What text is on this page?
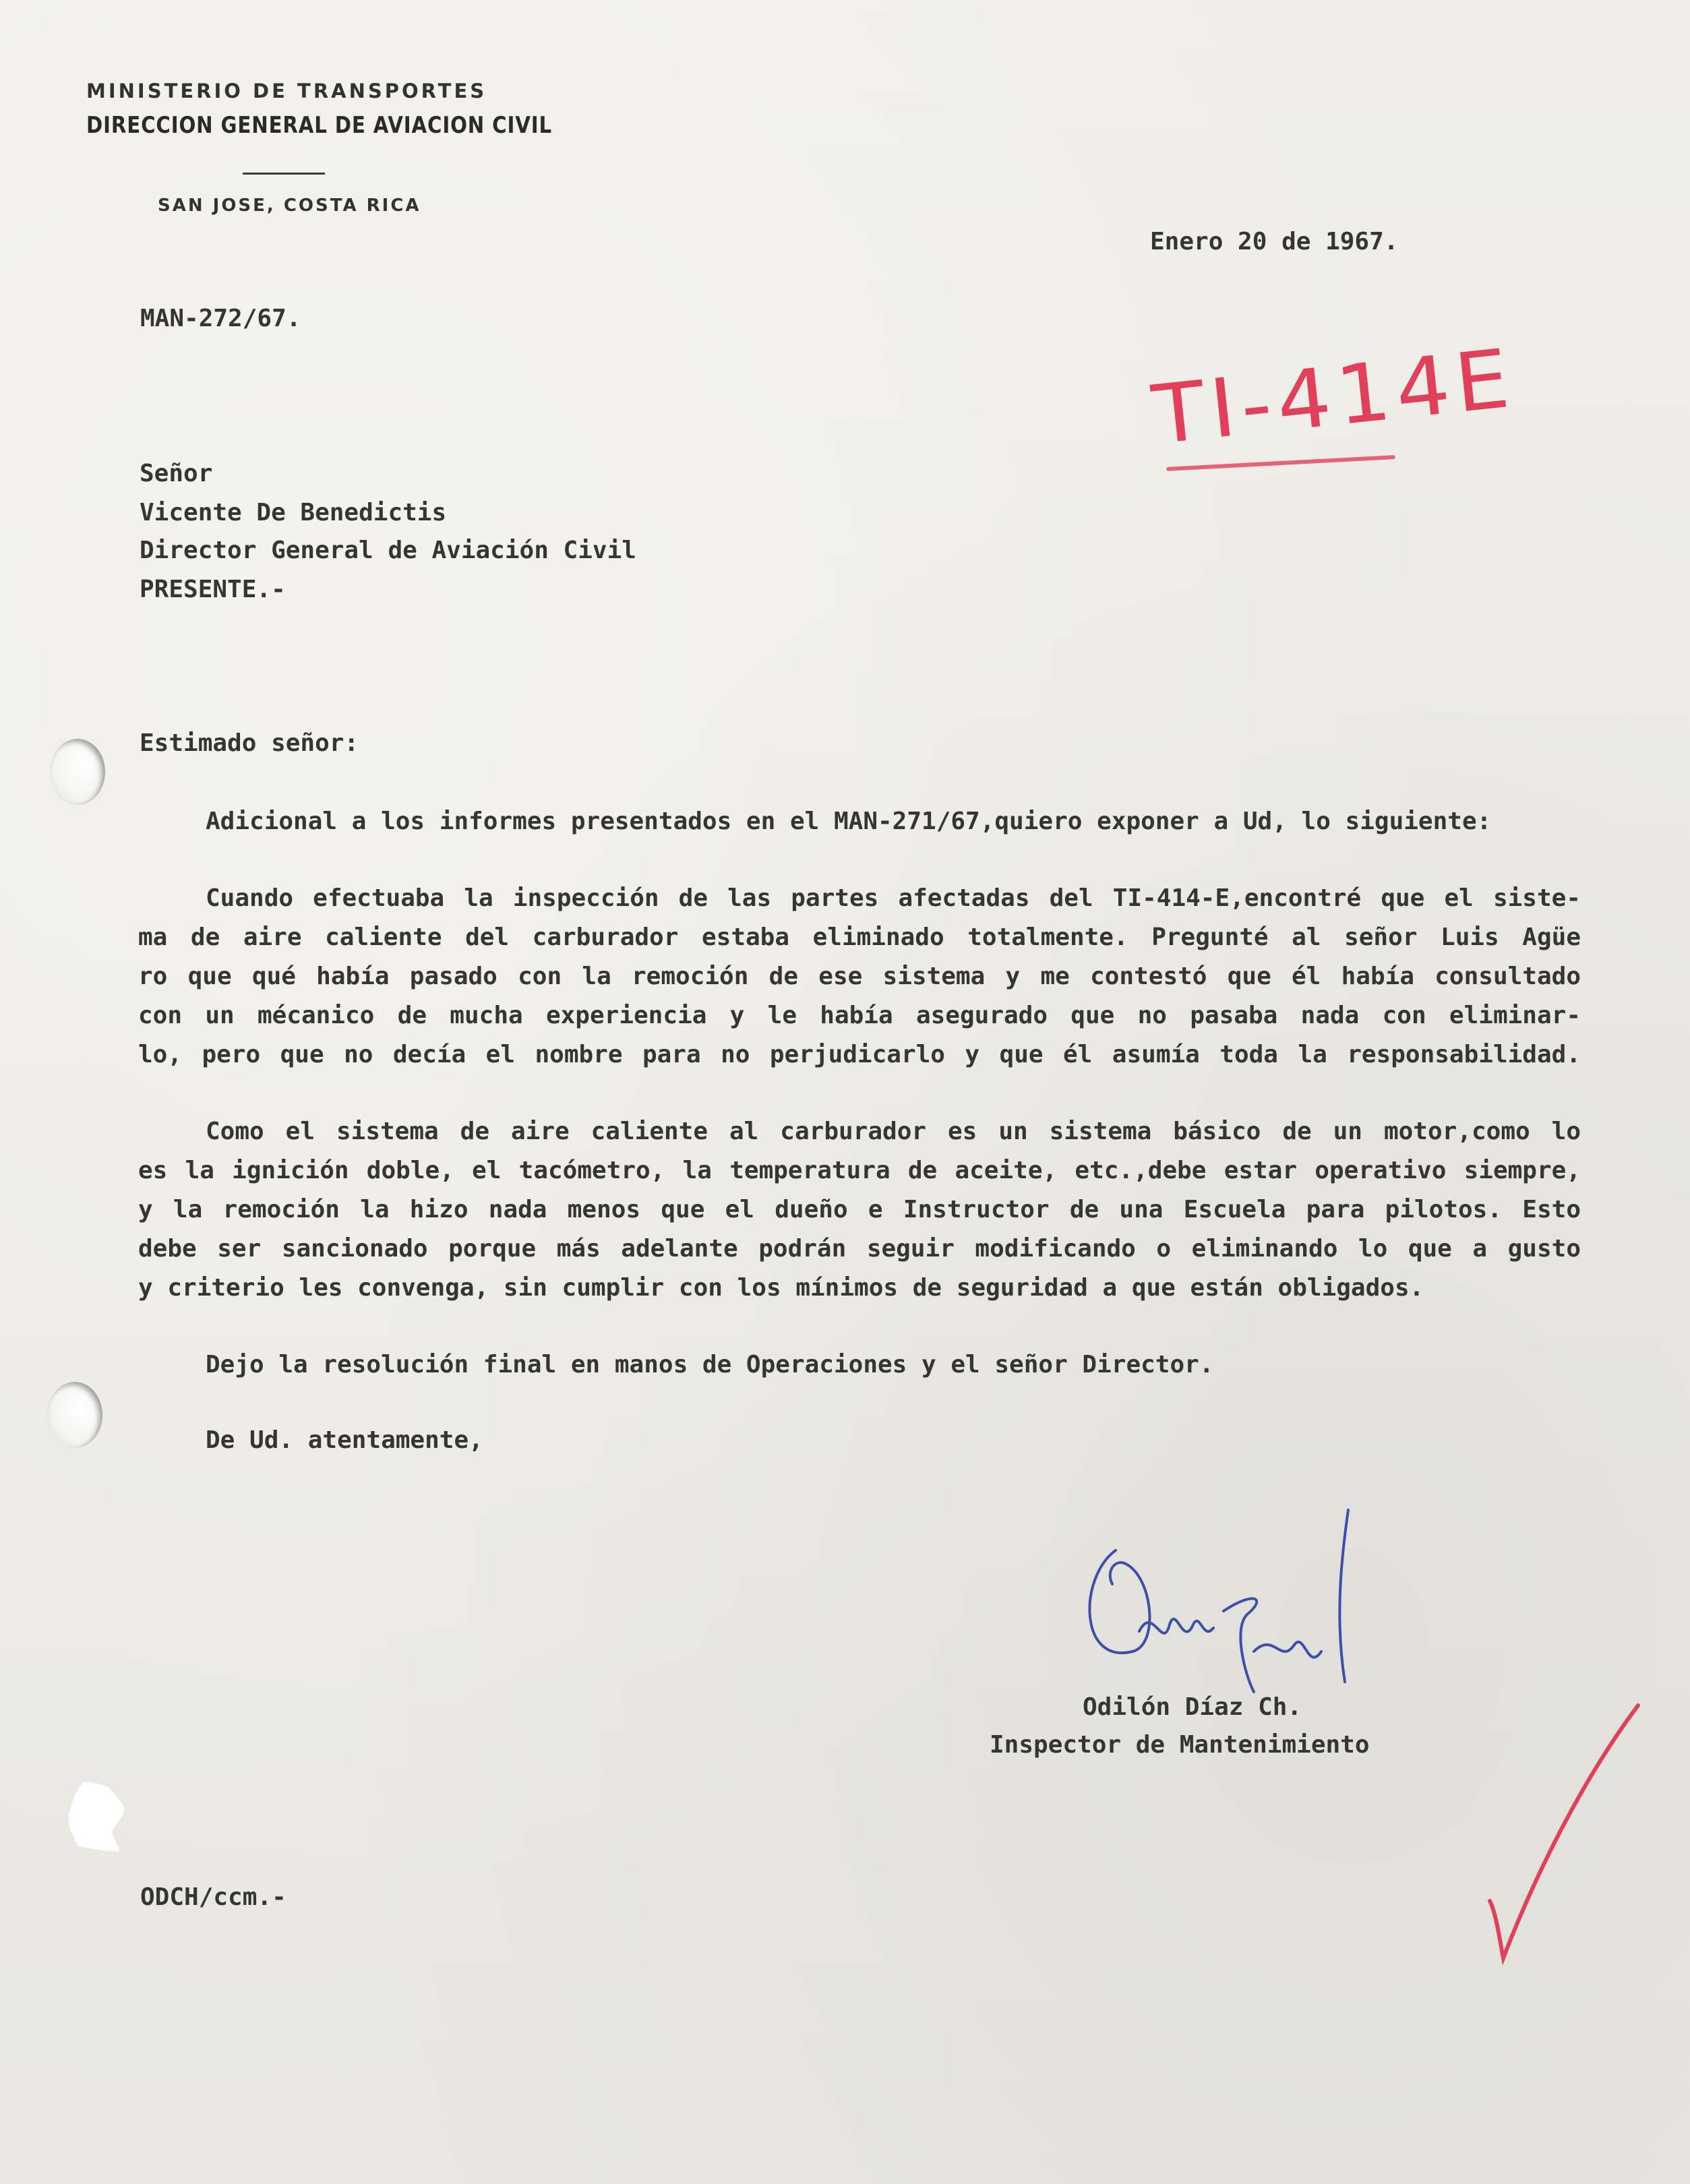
MINISTERIO DE TRANSPORTES
DIRECCION GENERAL DE AVIACION CIVIL
SAN JOSE, COSTA RICA
Enero 20 de 1967.
MAN-272/67.
TI-414E
Señor
Vicente De Benedictis
Director General de Aviación Civil
PRESENTE.-
Estimado señor:
Adicional a los informes presentados en el MAN-271/67,quiero exponer a Ud, lo siguiente:
Cuando efectuaba la inspección de las partes afectadas del TI-414-E,encontré que el siste-
ma de aire caliente del carburador estaba eliminado totalmente. Pregunté al señor Luis Agüe
ro que qué había pasado con la remoción de ese sistema y me contestó que él había consultado
con un mécanico de mucha experiencia y le había asegurado que no pasaba nada con eliminar-
lo, pero que no decía el nombre para no perjudicarlo y que él asumía toda la responsabilidad.
Como el sistema de aire caliente al carburador es un sistema básico de un motor,como lo
es la ignición doble, el tacómetro, la temperatura de aceite, etc.,debe estar operativo siempre,
y la remoción la hizo nada menos que el dueño e Instructor de una Escuela para pilotos. Esto
debe ser sancionado porque más adelante podrán seguir modificando o eliminando lo que a gusto
y criterio les convenga, sin cumplir con los mínimos de seguridad a que están obligados.
Dejo la resolución final en manos de Operaciones y el señor Director.
De Ud. atentamente,
Odilón Díaz Ch.
Inspector de Mantenimiento
ODCH/ccm.-
